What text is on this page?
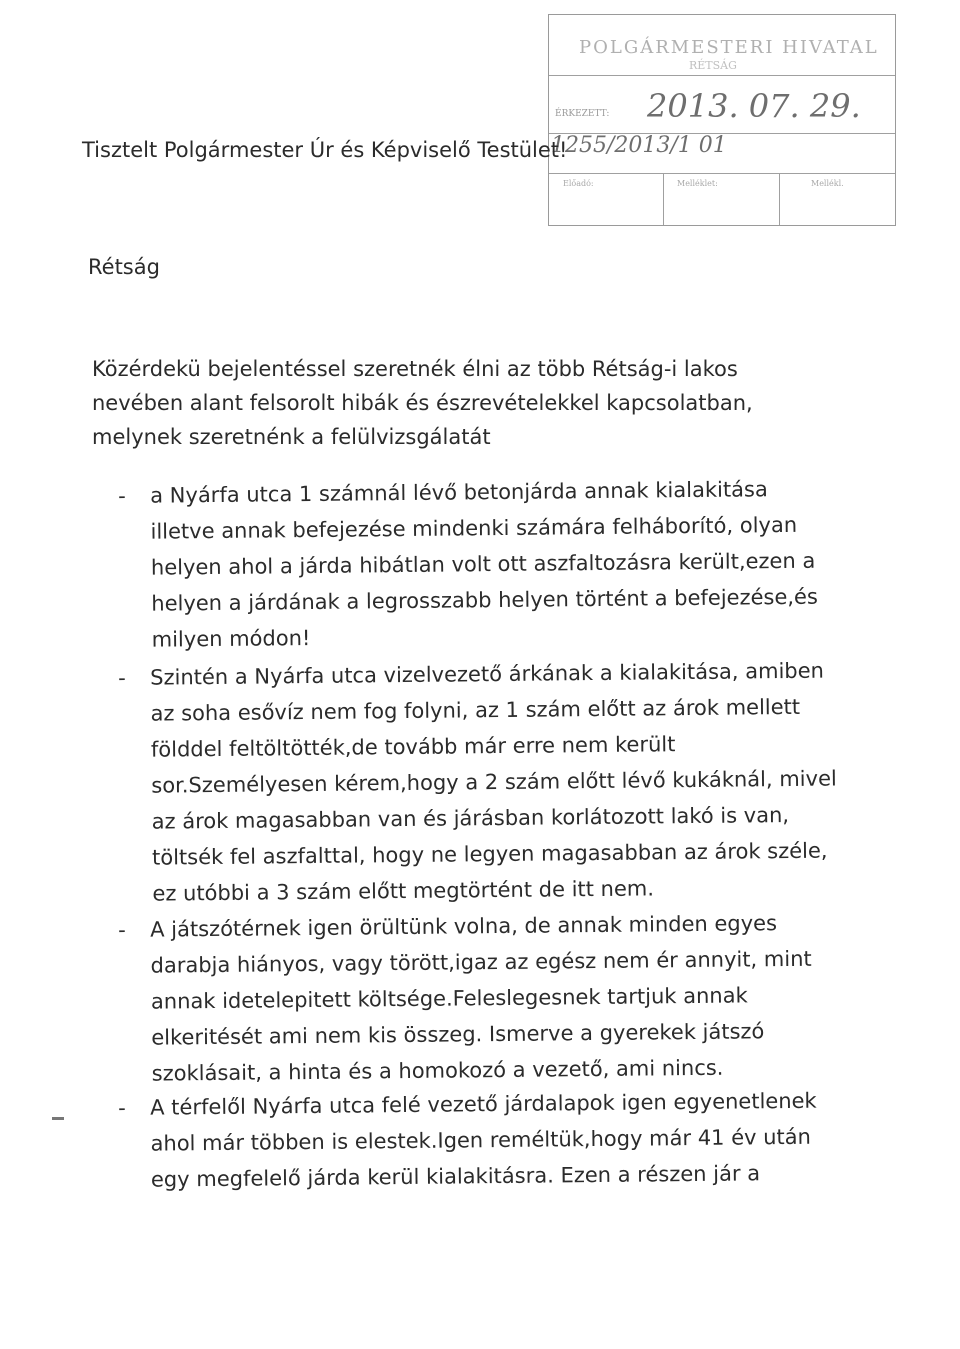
POLGÁRMESTERI HIVATAL
RÉTSÁG
ÉRKEZETT: 2013. 07. 29.
1255/2013/1 01
Előadó:	Melléklet:	Mellékl.
Tisztelt Polgármester Úr és Képviselő Testület!
Rétság

Közérdekü bejelentéssel szeretnék élni az több Rétság-i lakos nevében alant felsorolt hibák és észrevételekkel kapcsolatban, melynek szeretnénk a felülvizsgálatát

- a Nyárfa utca 1 számnál lévő betonjárda annak kialakitása illetve annak befejezése mindenki számára felháborító, olyan helyen ahol a járda hibátlan volt ott aszfaltozásra került,ezen a helyen a járdának a legrosszabb helyen történt a befejezése,és milyen módon!
- Szintén a Nyárfa utca vizelvezető árkának a kialakitása, amiben az soha esővíz nem fog folyni, az 1 szám előtt az árok mellett földdel feltöltötték,de tovább már erre nem került sor.Személyesen kérem,hogy a 2 szám előtt lévő kukáknál, mivel az árok magasabban van és járásban korlátozott lakó is van, töltsék fel aszfalttal, hogy ne legyen magasabban az árok széle, ez utóbbi a 3 szám előtt megtörtént de itt nem.
- A játszótérnek igen örültünk volna, de annak minden egyes darabja hiányos, vagy törött,igaz az egész nem ér annyit, mint annak idetelepitett költsége.Feleslegesnek tartjuk annak elkeritését ami nem kis összeg. Ismerve a gyerekek játszó szoklásait, a hinta és a homokozó a vezető, ami nincs.
- A térfelől Nyárfa utca felé vezető járdalapok igen egyenetlenek ahol már többen is elestek.Igen reméltük,hogy már 41 év után egy megfelelő járda kerül kialakitásra. Ezen a részen jár a
